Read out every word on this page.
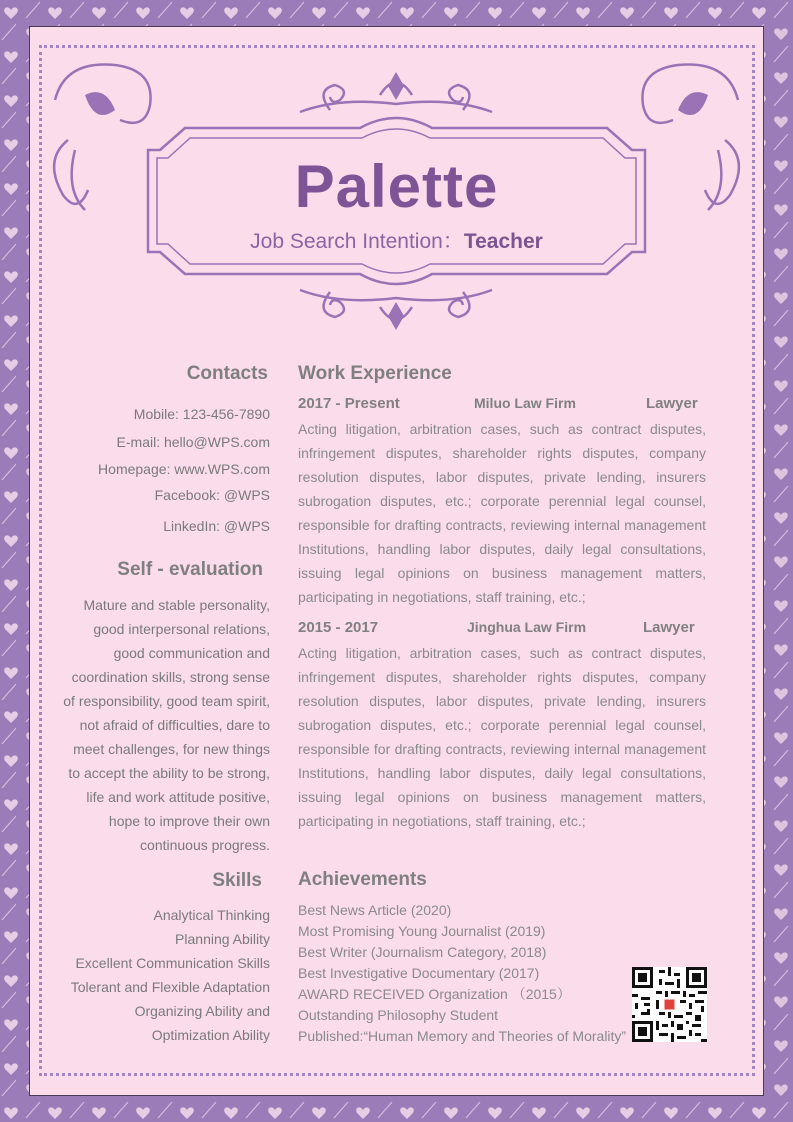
Palette
Job Search Intention：Teacher
Contacts
Mobile: 123-456-7890
E-mail: hello@WPS.com
Homepage: www.WPS.com
Facebook: @WPS
LinkedIn: @WPS
Self - evaluation
Mature and stable personality,
good interpersonal relations,
good communication and
coordination skills, strong sense
of responsibility, good team spirit,
not afraid of difficulties, dare to
meet challenges, for new things
to accept the ability to be strong,
life and work attitude positive,
hope to improve their own
continuous progress.
Skills
Analytical Thinking
Planning Ability
Excellent Communication Skills
Tolerant and Flexible Adaptation
Organizing Ability and
Optimization Ability
Work Experience
2017 - Present	Miluo Law Firm	Lawyer

Acting litigation, arbitration cases, such as contract disputes, infringement disputes, shareholder rights disputes, company resolution disputes, labor disputes, private lending, insurers subrogation disputes, etc.; corporate perennial legal counsel, responsible for drafting contracts, reviewing internal management Institutions, handling labor disputes, daily legal consultations, issuing legal opinions on business management matters, participating in negotiations, staff training, etc.;

2015 - 2017	Jinghua Law Firm	Lawyer

Acting litigation, arbitration cases, such as contract disputes, infringement disputes, shareholder rights disputes, company resolution disputes, labor disputes, private lending, insurers subrogation disputes, etc.; corporate perennial legal counsel, responsible for drafting contracts, reviewing internal management Institutions, handling labor disputes, daily legal consultations, issuing legal opinions on business management matters, participating in negotiations, staff training, etc.;

Achievements
Best News Article (2020)
Most Promising Young Journalist (2019)
Best Writer (Journalism Category, 2018)
Best Investigative Documentary (2017)
AWARD RECEIVED Organization （2015）
Outstanding Philosophy Student
Published:“Human Memory and Theories of Morality”
